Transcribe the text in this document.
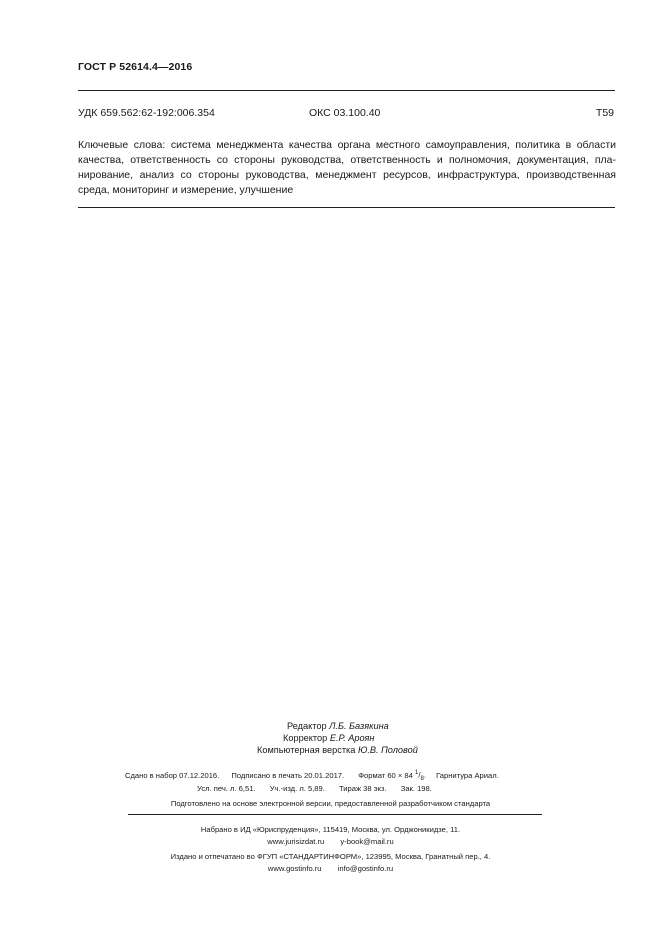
ГОСТ Р 52614.4—2016
УДК 659.562:62-192:006.354	ОКС 03.100.40	Т59
Ключевые слова: система менеджмента качества органа местного самоуправления, политика в области
качества, ответственность со стороны руководства, ответственность и полномочия, документация, пла-
нирование, анализ со стороны руководства, менеджмент ресурсов, инфраструктура, производственная
среда, мониторинг и измерение, улучшение
Редактор Л.Б. Базякина
Корректор Е.Р. Ароян
Компьютерная верстка Ю.В. Половой
Сдано в набор 07.12.2016. Подписано в печать 20.01.2017. Формат 60 × 84 $^1/_8$. Гарнитура Ариал.
Усл. печ. л. 6,51. Уч.-изд. л. 5,89. Тираж 38 экз. Зак. 198.
Подготовлено на основе электронной версии, предоставленной разработчиком стандарта
Набрано в ИД «Юриспруденция», 115419, Москва, ул. Орджоникидзе, 11.
www.jurisizdat.ru y-book@mail.ru
Издано и отпечатано во ФГУП «СТАНДАРТИНФОРМ», 123995, Москва, Гранатный пер., 4.
www.gostinfo.ru info@gostinfo.ru
